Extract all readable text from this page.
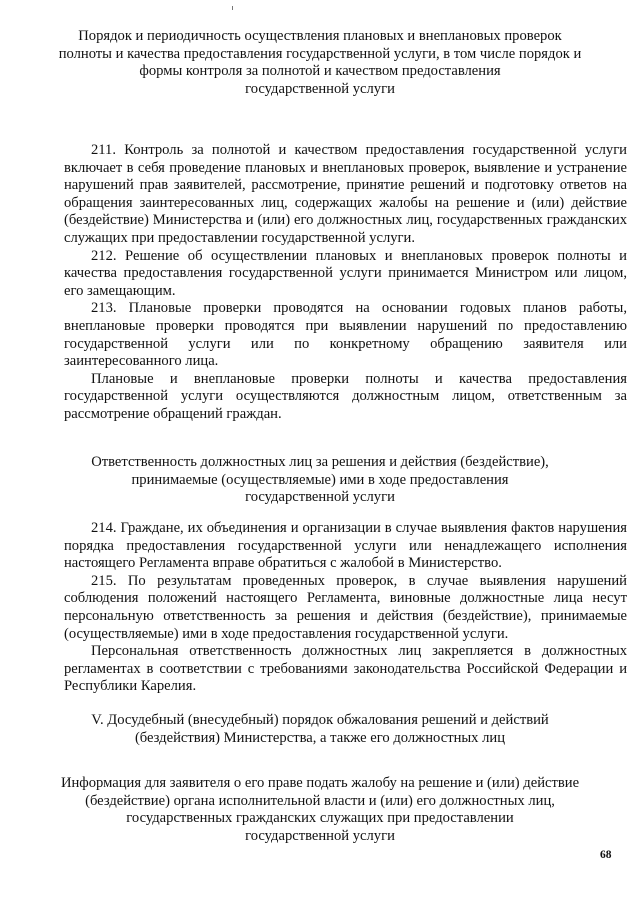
Порядок и периодичность осуществления плановых и внеплановых проверок
полноты и качества предоставления государственной услуги, в том числе порядок и
формы контроля за полнотой и качеством предоставления
государственной услуги

211. Контроль за полнотой и качеством предоставления государственной услуги включает в себя проведение плановых и внеплановых проверок, выявление и устранение нарушений прав заявителей, рассмотрение, принятие решений и подготовку ответов на обращения заинтересованных лиц, содержащих жалобы на решение и (или) действие (бездействие) Министерства и (или) его должностных лиц, государственных гражданских служащих при предоставлении государственной услуги.

212. Решение об осуществлении плановых и внеплановых проверок полноты и качества предоставления государственной услуги принимается Министром или лицом, его замещающим.

213. Плановые проверки проводятся на основании годовых планов работы, внеплановые проверки проводятся при выявлении нарушений по предоставлению государственной услуги или по конкретному обращению заявителя или заинтересованного лица.

Плановые и внеплановые проверки полноты и качества предоставления государственной услуги осуществляются должностным лицом, ответственным за рассмотрение обращений граждан.

Ответственность должностных лиц за решения и действия (бездействие),
принимаемые (осуществляемые) ими в ходе предоставления
государственной услуги

214. Граждане, их объединения и организации в случае выявления фактов нарушения порядка предоставления государственной услуги или ненадлежащего исполнения настоящего Регламента вправе обратиться с жалобой в Министерство.

215. По результатам проведенных проверок, в случае выявления нарушений соблюдения положений настоящего Регламента, виновные должностные лица несут персональную ответственность за решения и действия (бездействие), принимаемые (осуществляемые) ими в ходе предоставления государственной услуги.

Персональная ответственность должностных лиц закрепляется в должностных регламентах в соответствии с требованиями законодательства Российской Федерации и Республики Карелия.

V. Досудебный (внесудебный) порядок обжалования решений и действий
(бездействия) Министерства, а также его должностных лиц
Информация для заявителя о его праве подать жалобу на решение и (или) действие
(бездействие) органа исполнительной власти и (или) его должностных лиц,
государственных гражданских служащих при предоставлении
государственной услуги
68
